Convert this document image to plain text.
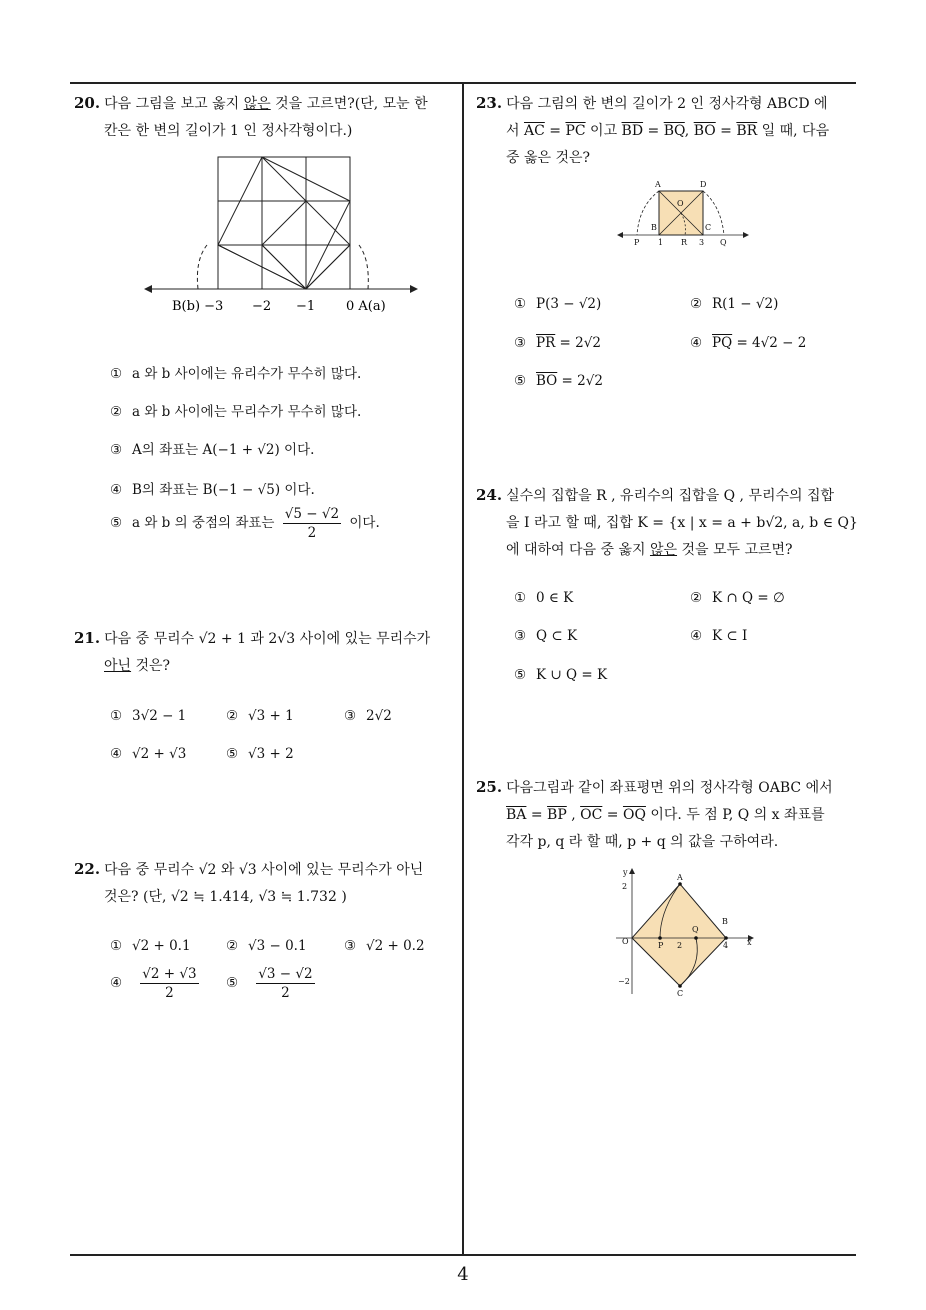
20. 다음 그림을 보고 옳지 않은 것을 고르면?(단, 모눈 한
칸은 한 변의 길이가 1 인 정사각형이다.)
B(b) −3 −2 −1 0 A(a)
① a 와 b 사이에는 유리수가 무수히 많다.
② a 와 b 사이에는 무리수가 무수히 많다.
③ A의 좌표는 A(−1 + √2) 이다.
④ B의 좌표는 B(−1 − √5) 이다.
⑤ a 와 b 의 중점의 좌표는 $\frac{√5 - √2}{2}$ 이다.
21. 다음 중 무리수 √2 + 1 과 2√3 사이에 있는 무리수가
아닌 것은?
① 3√2 − 1	② √3 + 1	③ 2√2
④ √2 + √3	⑤ √3 + 2
22. 다음 중 무리수 √2 와 √3 사이에 있는 무리수가 아닌
것은? (단, √2 ≒ 1.414, √3 ≒ 1.732 )
① √2 + 0.1	② √3 − 0.1	③ √2 + 0.2
④ $\frac{√2 + √3}{2}$ ⑤ $\frac{√3 - √2}{2}$
23. 다음 그림의 한 변의 길이가 2 인 정사각형 ABCD 에
서 $\overline{AC} = \overline{PC}$ 이고 $\overline{BD} = \overline{BQ}$, $\overline{BO} = \overline{BR}$ 일 때, 다음
중 옳은 것은?
A	D
O
B	C
P 1 R 3 Q
① P(3 − √2)	② R(1 − √2)
③ $\overline{PR} = 2√2$	④ $\overline{PQ} = 4√2 - 2$
⑤ $\overline{BO} = 2√2$
24. 실수의 집합을 R , 유리수의 집합을 Q , 무리수의 집합
을 I 라고 할 때, 집합 K = {x | x = a + b√2, a, b ∈ Q}
에 대하여 다음 중 옳지 않은 것을 모두 고르면?
① 0 ∈ K	② K ∩ Q = ∅
③ Q ⊂ K	④ K ⊂ I
⑤ K ∪ Q = K
25. 다음그림과 같이 좌표평면 위의 정사각형 OABC 에서
$\overline{BA} = \overline{BP}$ , $\overline{OC} = \overline{OQ}$ 이다. 두 점 P, Q 의 x 좌표를
각각 p, q 라 할 때, p + q 의 값을 구하여라.
y
2
A
B
O	P 2
Q
4 x
−2
C
4
